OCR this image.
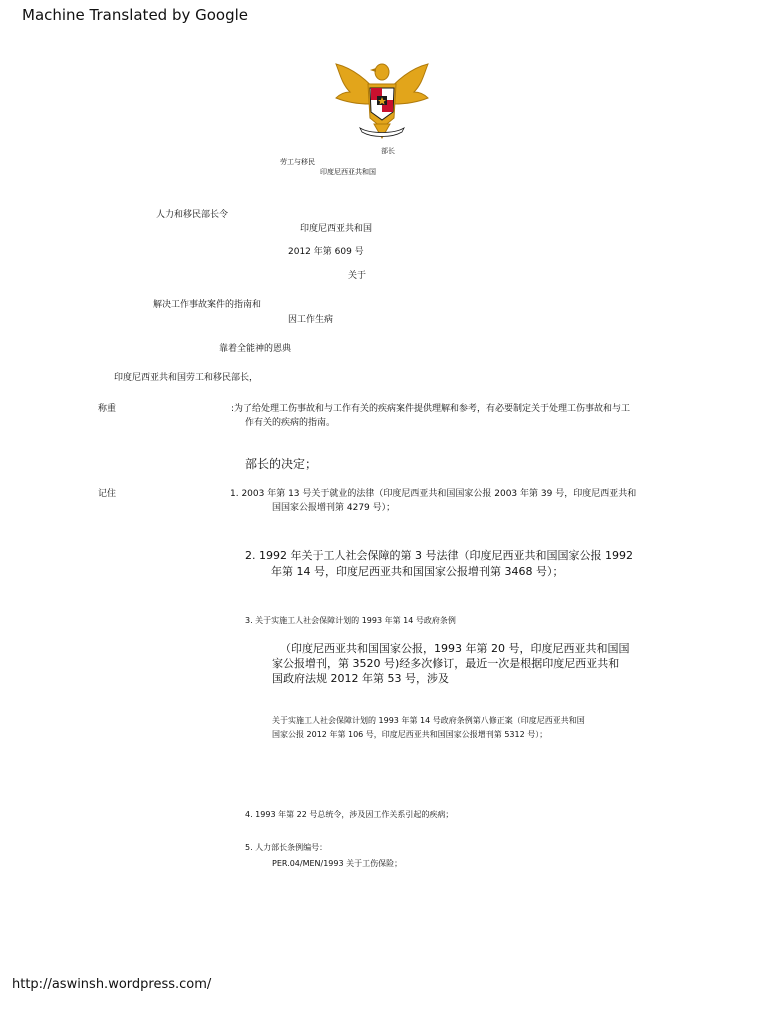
Machine Translated by Google
部长
劳工与移民
印度尼西亚共和国
人力和移民部长令
印度尼西亚共和国
2012 年第 609 号
关于
解决工作事故案件的指南和
因工作生病
靠着全能神的恩典
印度尼西亚共和国劳工和移民部长，
称重	:为了给处理工伤事故和与工作有关的疾病案件提供理解和参考，有必要制定关于处理工伤事故和与工
作有关的疾病的指南。
部长的决定；
记住	1. 2003 年第 13 号关于就业的法律（印度尼西亚共和国国家公报 2003 年第 39 号，印度尼西亚共和
国国家公报增刊第 4279 号）；
2. 1992 年关于工人社会保障的第 3 号法律（印度尼西亚共和国国家公报 1992
年第 14 号，印度尼西亚共和国国家公报增刊第 3468 号）；
3. 关于实施工人社会保障计划的 1993 年第 14 号政府条例
（印度尼西亚共和国国家公报，1993 年第 20 号，印度尼西亚共和国国
家公报增刊，第 3520 号)经多次修订，最近一次是根据印度尼西亚共和
国政府法规 2012 年第 53 号，涉及
关于实施工人社会保障计划的 1993 年第 14 号政府条例第八修正案（印度尼西亚共和国
国家公报 2012 年第 106 号，印度尼西亚共和国国家公报增刊第 5312 号）；
4. 1993 年第 22 号总统令，涉及因工作关系引起的疾病；
5. 人力部长条例编号：
PER.04/MEN/1993 关于工伤保险；
http://aswinsh.wordpress.com/
